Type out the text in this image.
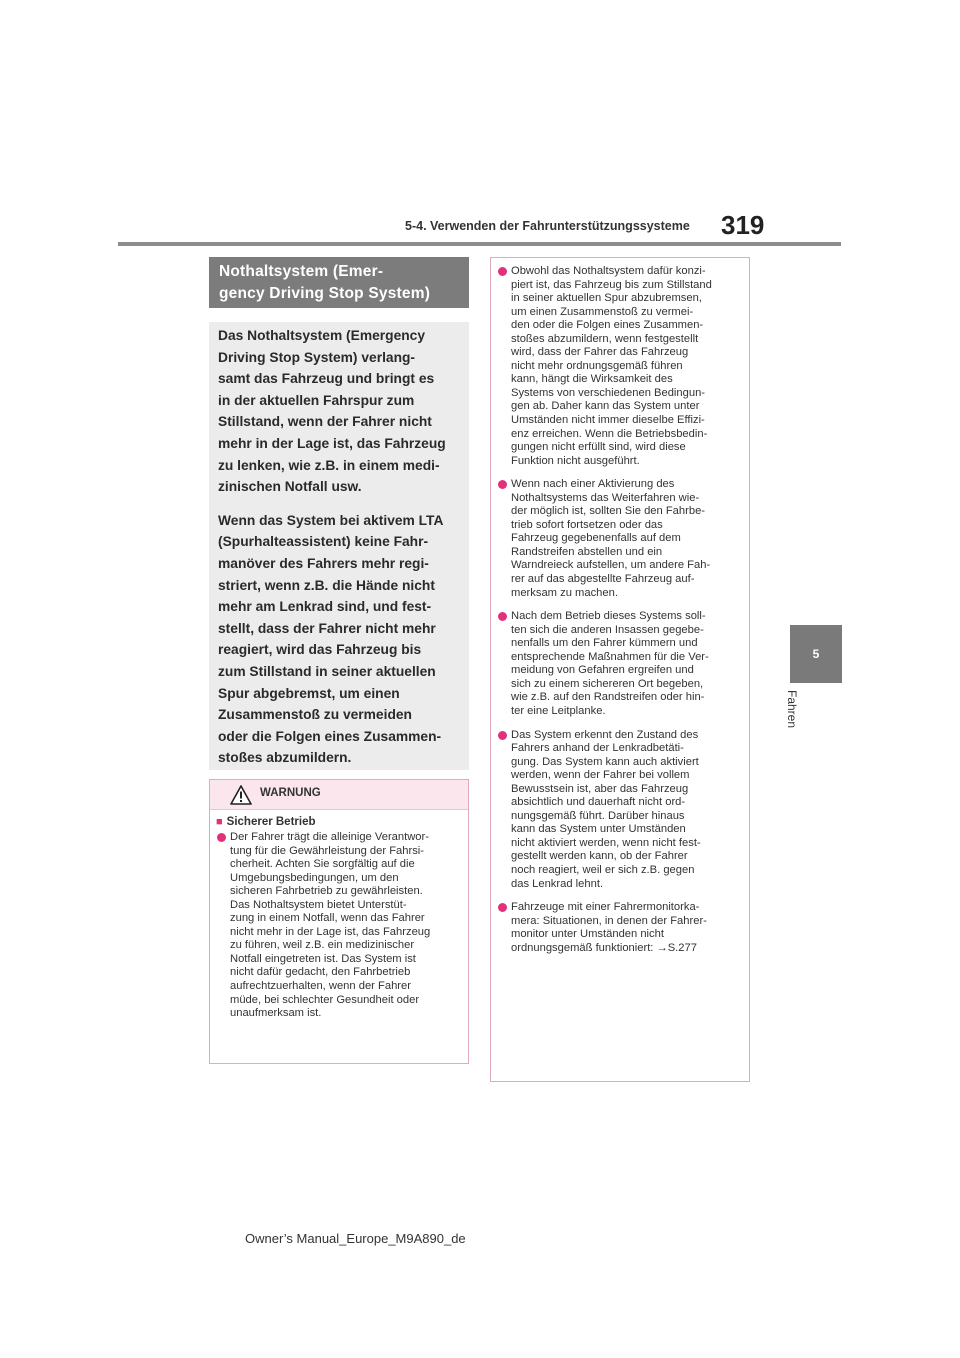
5-4. Verwenden der Fahrunterstützungssysteme 319
5
Fahren
Nothaltsystem (Emer-
gency Driving Stop System)

Das Nothaltsystem (Emergency
Driving Stop System) verlang-
samt das Fahrzeug und bringt es
in der aktuellen Fahrspur zum
Stillstand, wenn der Fahrer nicht
mehr in der Lage ist, das Fahrzeug
zu lenken, wie z.B. in einem medi-
zinischen Notfall usw.

Wenn das System bei aktivem LTA
(Spurhalteassistent) keine Fahr-
manöver des Fahrers mehr regi-
striert, wenn z.B. die Hände nicht
mehr am Lenkrad sind, und fest-
stellt, dass der Fahrer nicht mehr
reagiert, wird das Fahrzeug bis
zum Stillstand in seiner aktuellen
Spur abgebremst, um einen
Zusammenstoß zu vermeiden
oder die Folgen eines Zusammen-
stoßes abzumildern.

WARNUNG
■ Sicherer Betrieb
Der Fahrer trägt die alleinige Verantwor-
tung für die Gewährleistung der Fahrsi-
cherheit. Achten Sie sorgfältig auf die
Umgebungsbedingungen, um den
sicheren Fahrbetrieb zu gewährleisten.
Das Nothaltsystem bietet Unterstüt-
zung in einem Notfall, wenn das Fahrer
nicht mehr in der Lage ist, das Fahrzeug
zu führen, weil z.B. ein medizinischer
Notfall eingetreten ist. Das System ist
nicht dafür gedacht, den Fahrbetrieb
aufrechtzuerhalten, wenn der Fahrer
müde, bei schlechter Gesundheit oder
unaufmerksam ist.
Obwohl das Nothaltsystem dafür konzi-
piert ist, das Fahrzeug bis zum Stillstand
in seiner aktuellen Spur abzubremsen,
um einen Zusammenstoß zu vermei-
den oder die Folgen eines Zusammen-
stoßes abzumildern, wenn festgestellt
wird, dass der Fahrer das Fahrzeug
nicht mehr ordnungsgemäß führen
kann, hängt die Wirksamkeit des
Systems von verschiedenen Bedingun-
gen ab. Daher kann das System unter
Umständen nicht immer dieselbe Effizi-
enz erreichen. Wenn die Betriebsbedin-
gungen nicht erfüllt sind, wird diese
Funktion nicht ausgeführt.
Wenn nach einer Aktivierung des
Nothaltsystems das Weiterfahren wie-
der möglich ist, sollten Sie den Fahrbe-
trieb sofort fortsetzen oder das
Fahrzeug gegebenenfalls auf dem
Randstreifen abstellen und ein
Warndreieck aufstellen, um andere Fah-
rer auf das abgestellte Fahrzeug auf-
merksam zu machen.
Nach dem Betrieb dieses Systems soll-
ten sich die anderen Insassen gegebe-
nenfalls um den Fahrer kümmern und
entsprechende Maßnahmen für die Ver-
meidung von Gefahren ergreifen und
sich zu einem sichereren Ort begeben,
wie z.B. auf den Randstreifen oder hin-
ter eine Leitplanke.
Das System erkennt den Zustand des
Fahrers anhand der Lenkradbetäti-
gung. Das System kann auch aktiviert
werden, wenn der Fahrer bei vollem
Bewusstsein ist, aber das Fahrzeug
absichtlich und dauerhaft nicht ord-
nungsgemäß führt. Darüber hinaus
kann das System unter Umständen
nicht aktiviert werden, wenn nicht fest-
gestellt werden kann, ob der Fahrer
noch reagiert, weil er sich z.B. gegen
das Lenkrad lehnt.
Fahrzeuge mit einer Fahrermonitorka-
mera: Situationen, in denen der Fahrer-
monitor unter Umständen nicht
ordnungsgemäß funktioniert: →S.277
Owner’s Manual_Europe_M9A890_de
